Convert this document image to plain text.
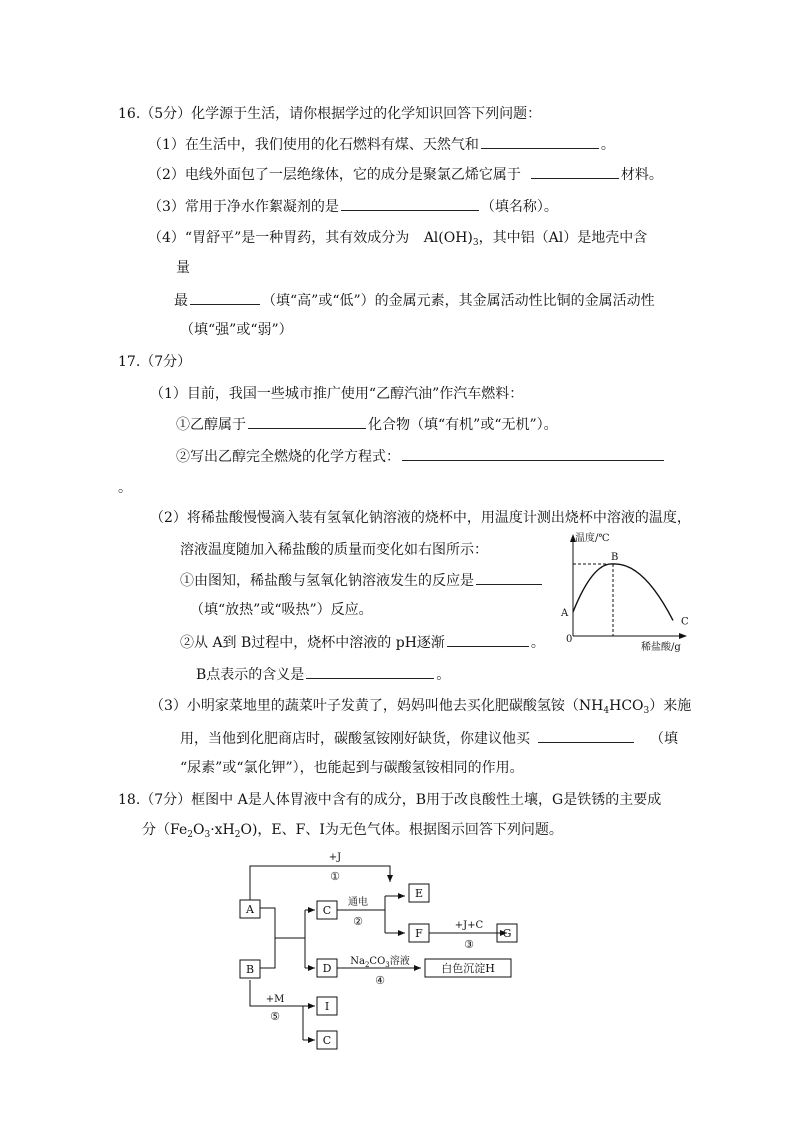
16.（5分）化学源于生活，请你根据学过的化学知识回答下列问题：
（1）在生活中，我们使用的化石燃料有煤、天然气和	。
（2）电线外面包了一层绝缘体，它的成分是聚氯乙烯它属于	材料。
（3）常用于净水作絮凝剂的是	（填名称）。
（4）“胃舒平”是一种胃药，其有效成分为 $Al(OH)_3$，其中铝（Al）是地壳中含
量
最	（填“高”或“低”）的金属元素，其金属活动性比铜的金属活动性
（填“强”或“弱”）
17.（7分）
（1）目前，我国一些城市推广使用“乙醇汽油”作汽车燃料：
①乙醇属于	化合物（填“有机”或“无机”）。
②写出乙醇完全燃烧的化学方程式：
。
（2）将稀盐酸慢慢滴入装有氢氧化钠溶液的烧杯中，用温度计测出烧杯中溶液的温度，
溶液温度随加入稀盐酸的质量而变化如右图所示：
①由图知，稀盐酸与氢氧化钠溶液发生的反应是
（填“放热”或“吸热”）反应。
②从 A到 B过程中，烧杯中溶液的 pH逐渐	。
B点表示的含义是	。
温度/℃
稀盐酸/g
0
A
B
C
（3）小明家菜地里的蔬菜叶子发黄了，妈妈叫他去买化肥碳酸氢铵$(NH_4HCO_3)$来施
用，当他到化肥商店时，碳酸氢铵刚好缺货，你建议他买	（填
“尿素”或“氯化钾”），也能起到与碳酸氢铵相同的作用。
18.（7分）框图中 A是人体胃液中含有的成分，B用于改良酸性土壤，G是铁锈的主要成
分$(Fe_2O_3\cdot xH_2O)$，E、F、I为无色气体。根据图示回答下列问题。
A
B
C
D
E
F	G
I
C
白色沉淀H
+J
①
通电
②	+J+C
③
$Na_2CO_3$溶液
④
+M
⑤
